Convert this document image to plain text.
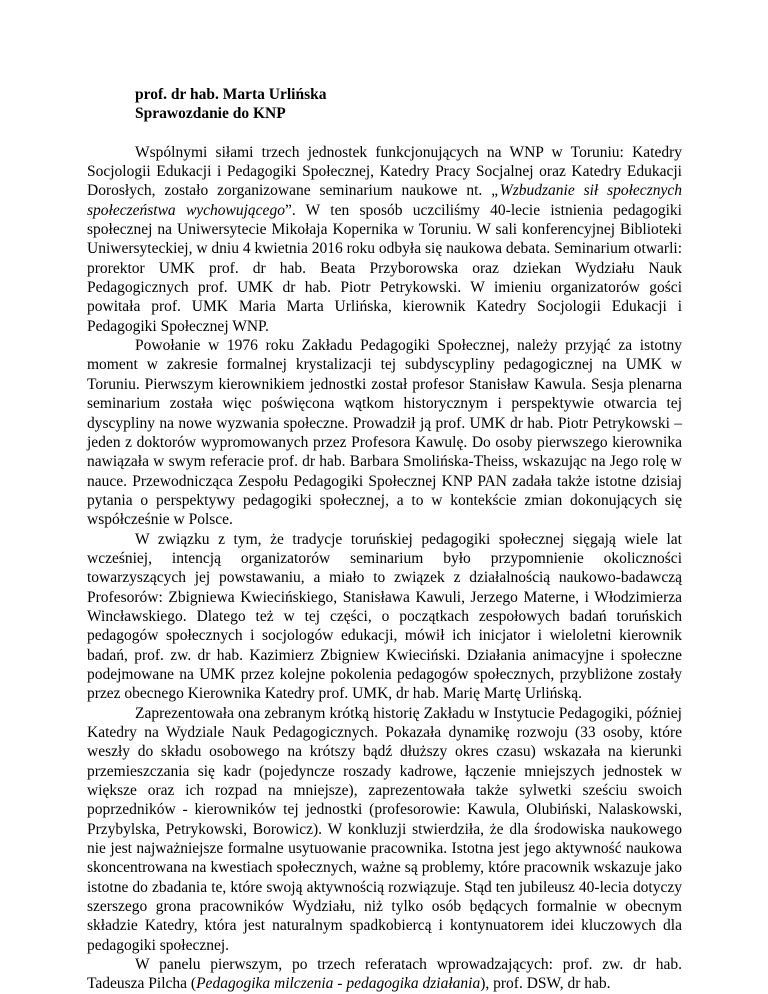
prof. dr hab. Marta Urlińska
Sprawozdanie do KNP

Wspólnymi siłami trzech jednostek funkcjonujących na WNP w Toruniu: Katedry Socjologii Edukacji i Pedagogiki Społecznej, Katedry Pracy Socjalnej oraz Katedry Edukacji Dorosłych, zostało zorganizowane seminarium naukowe nt. „Wzbudzanie sił społecznych społeczeństwa wychowującego”. W ten sposób uczciliśmy 40-lecie istnienia pedagogiki społecznej na Uniwersytecie Mikołaja Kopernika w Toruniu. W sali konferencyjnej Biblioteki Uniwersyteckiej, w dniu 4 kwietnia 2016 roku odbyła się naukowa debata. Seminarium otwarli: prorektor UMK prof. dr hab. Beata Przyborowska oraz dziekan Wydziału Nauk Pedagogicznych prof. UMK dr hab. Piotr Petrykowski. W imieniu organizatorów gości powitała prof. UMK Maria Marta Urlińska, kierownik Katedry Socjologii Edukacji i Pedagogiki Społecznej WNP.

Powołanie w 1976 roku Zakładu Pedagogiki Społecznej, należy przyjąć za istotny moment w zakresie formalnej krystalizacji tej subdyscypliny pedagogicznej na UMK w Toruniu. Pierwszym kierownikiem jednostki został profesor Stanisław Kawula. Sesja plenarna seminarium została więc poświęcona wątkom historycznym i perspektywie otwarcia tej dyscypliny na nowe wyzwania społeczne. Prowadził ją prof. UMK dr hab. Piotr Petrykowski – jeden z doktorów wypromowanych przez Profesora Kawulę. Do osoby pierwszego kierownika nawiązała w swym referacie prof. dr hab. Barbara Smolińska-Theiss, wskazując na Jego rolę w nauce. Przewodnicząca Zespołu Pedagogiki Społecznej KNP PAN zadała także istotne dzisiaj pytania o perspektywy pedagogiki społecznej, a to w kontekście zmian dokonujących się współcześnie w Polsce.

W związku z tym, że tradycje toruńskiej pedagogiki społecznej sięgają wiele lat wcześniej, intencją organizatorów seminarium było przypomnienie okoliczności towarzyszących jej powstawaniu, a miało to związek z działalnością naukowo-badawczą Profesorów: Zbigniewa Kwiecińskiego, Stanisława Kawuli, Jerzego Materne, i Włodzimierza Wincławskiego. Dlatego też w tej części, o początkach zespołowych badań toruńskich pedagogów społecznych i socjologów edukacji, mówił ich inicjator i wieloletni kierownik badań, prof. zw. dr hab. Kazimierz Zbigniew Kwieciński. Działania animacyjne i społeczne podejmowane na UMK przez kolejne pokolenia pedagogów społecznych, przybliżone zostały przez obecnego Kierownika Katedry prof. UMK, dr hab. Marię Martę Urlińską.

Zaprezentowała ona zebranym krótką historię Zakładu w Instytucie Pedagogiki, później Katedry na Wydziale Nauk Pedagogicznych. Pokazała dynamikę rozwoju (33 osoby, które weszły do składu osobowego na krótszy bądź dłuższy okres czasu) wskazała na kierunki przemieszczania się kadr (pojedyncze roszady kadrowe, łączenie mniejszych jednostek w większe oraz ich rozpad na mniejsze), zaprezentowała także sylwetki sześciu swoich poprzedników - kierowników tej jednostki (profesorowie: Kawula, Olubiński, Nalaskowski, Przybylska, Petrykowski, Borowicz). W konkluzji stwierdziła, że dla środowiska naukowego nie jest najważniejsze formalne usytuowanie pracownika. Istotna jest jego aktywność naukowa skoncentrowana na kwestiach społecznych, ważne są problemy, które pracownik wskazuje jako istotne do zbadania te, które swoją aktywnością rozwiązuje. Stąd ten jubileusz 40-lecia dotyczy szerszego grona pracowników Wydziału, niż tylko osób będących formalnie w obecnym składzie Katedry, która jest naturalnym spadkobiercą i kontynuatorem idei kluczowych dla pedagogiki społecznej.

W panelu pierwszym, po trzech referatach wprowadzających: prof. zw. dr hab. Tadeusza Pilcha (Pedagogika milczenia - pedagogika działania), prof. DSW, dr hab.
